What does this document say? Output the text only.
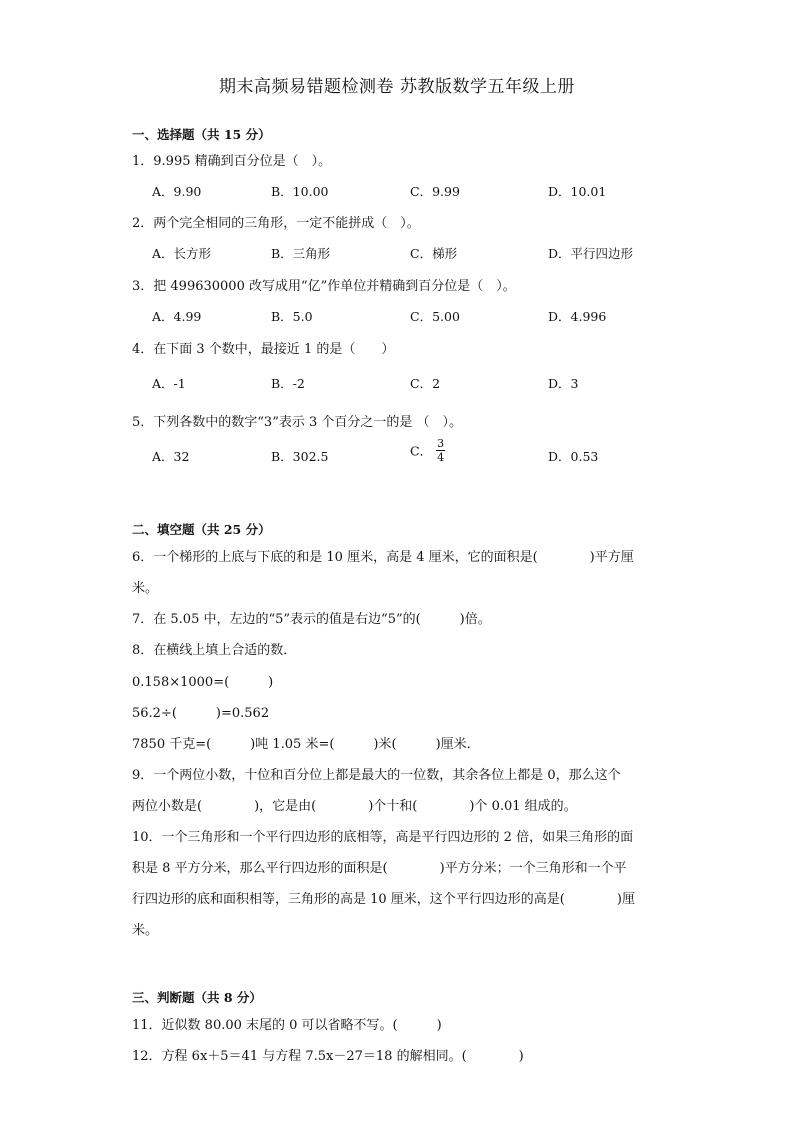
期末高频易错题检测卷 苏教版数学五年级上册
一、选择题（共 15 分）
1．9.995 精确到百分位是（　）。
A．9.90	B．10.00	C．9.99	D．10.01
2．两个完全相同的三角形，一定不能拼成（　）。
A．长方形	B．三角形	C．梯形	D．平行四边形
3．把 499630000 改写成用“亿”作单位并精确到百分位是（　）。
A．4.99	B．5.0	C．5.00	D．4.996
4．在下面 3 个数中，最接近 1 的是（　　）
A．-1	B．-2	C．2	D．3
5．下列各数中的数字“3”表示 3 个百分之一的是 （　）。
A．32	B．302.5	C． $\frac{3}{4}$	D．0.53
二、填空题（共 25 分）
6．一个梯形的上底与下底的和是 10 厘米，高是 4 厘米，它的面积是(　　　　)平方厘
米。
7．在 5.05 中，左边的“5”表示的值是右边“5”的(　　　)倍。
8．在横线上填上合适的数．
0.158×1000=(　　　)
56.2÷(　　　)=0.562
7850 千克=(　　　)吨 1.05 米=(　　　)米(　　　)厘米．
9．一个两位小数，十位和百分位上都是最大的一位数，其余各位上都是 0，那么这个
两位小数是(　　　　)，它是由(　　　　)个十和(　　　　)个 0.01 组成的。
10．一个三角形和一个平行四边形的底相等，高是平行四边形的 2 倍，如果三角形的面
积是 8 平方分米，那么平行四边形的面积是(　　　　)平方分米；一个三角形和一个平
行四边形的底和面积相等，三角形的高是 10 厘米，这个平行四边形的高是(　　　　)厘
米。
三、判断题（共 8 分）
11．近似数 80.00 末尾的 0 可以省略不写。(　　　)
12．方程 6x＋5＝41 与方程 7.5x－27＝18 的解相同。(　　　　)
